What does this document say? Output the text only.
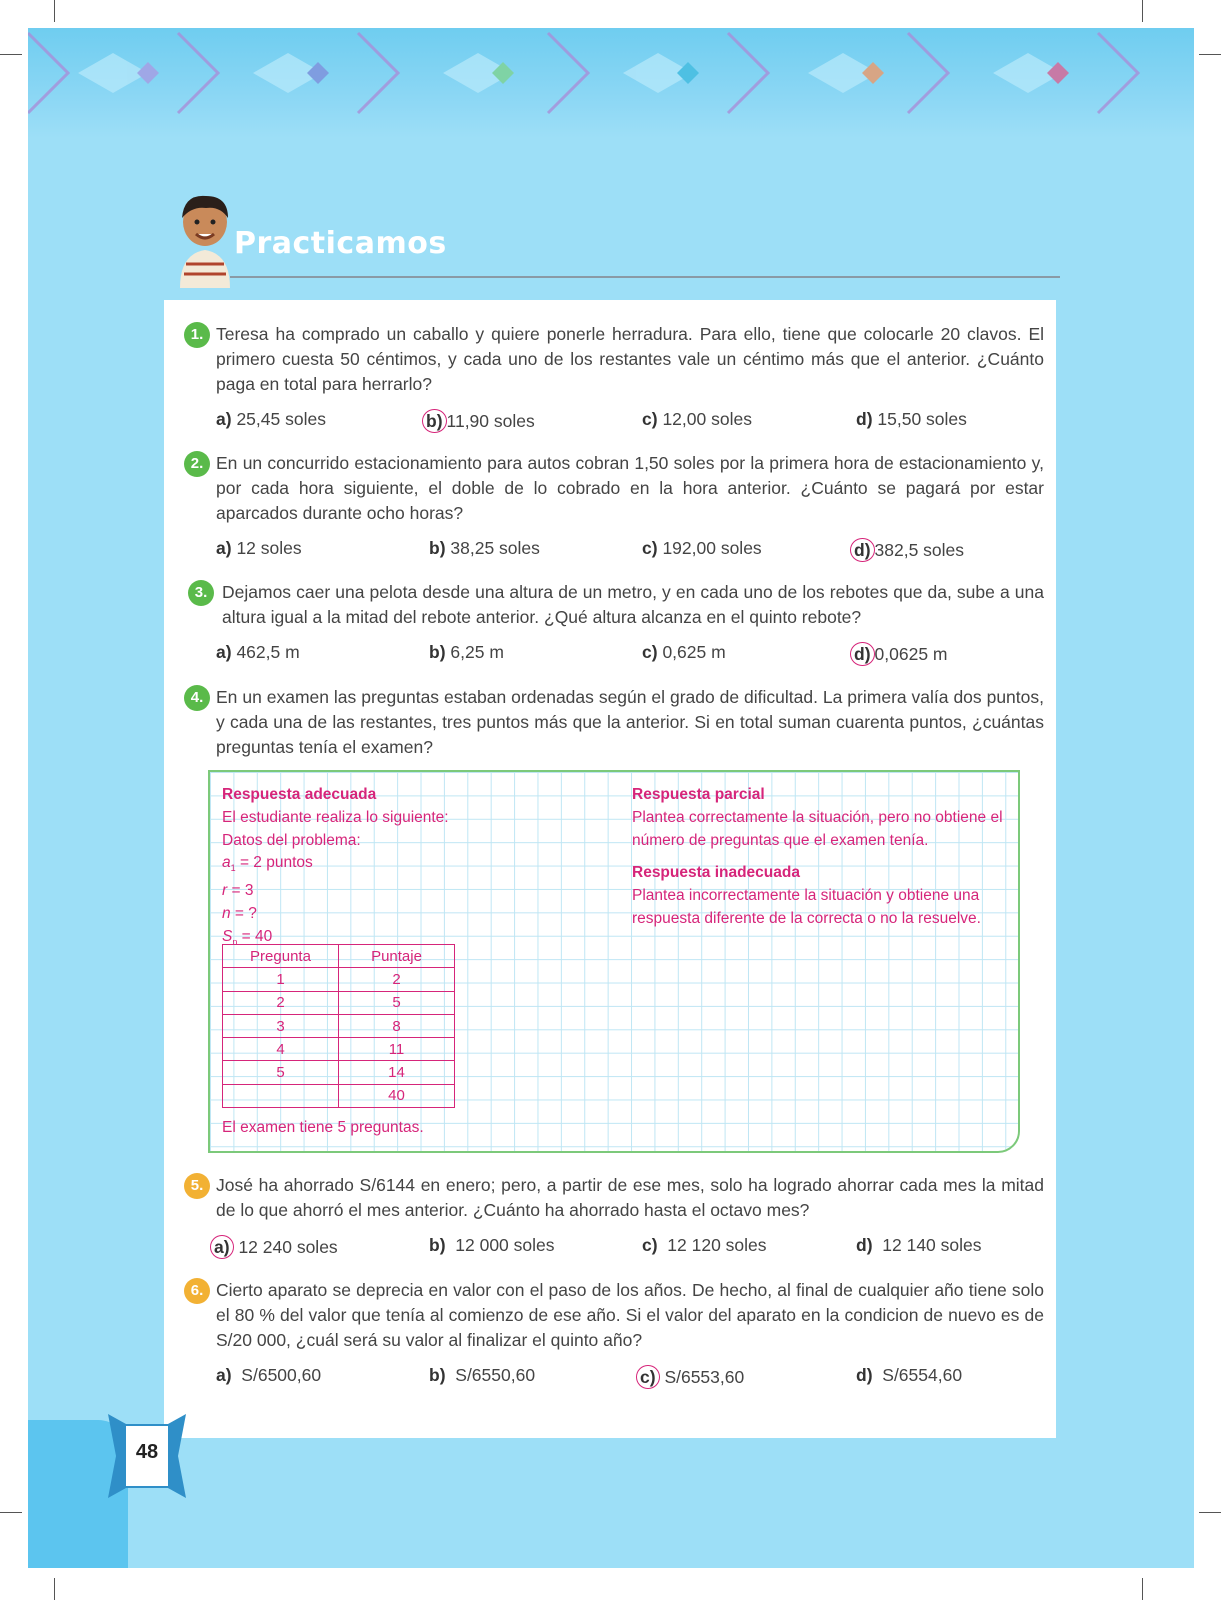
Practicamos
1. Teresa ha comprado un caballo y quiere ponerle herradura. Para ello, tiene que colocarle 20 clavos. El primero cuesta 50 céntimos, y cada uno de los restantes vale un céntimo más que el anterior. ¿Cuánto paga en total para herrarlo?
a) 25,45 soles	b) 11,90 soles	c) 12,00 soles	d) 15,50 soles
2. En un concurrido estacionamiento para autos cobran 1,50 soles por la primera hora de estacionamiento y, por cada hora siguiente, el doble de lo cobrado en la hora anterior. ¿Cuánto se pagará por estar aparcados durante ocho horas?
a) 12 soles	b) 38,25 soles	c) 192,00 soles	d) 382,5 soles
3. Dejamos caer una pelota desde una altura de un metro, y en cada uno de los rebotes que da, sube a una altura igual a la mitad del rebote anterior. ¿Qué altura alcanza en el quinto rebote?
a) 462,5 m	b) 6,25 m	c) 0,625 m	d) 0,0625 m
4. En un examen las preguntas estaban ordenadas según el grado de dificultad. La primera valía dos puntos, y cada una de las restantes, tres puntos más que la anterior. Si en total suman cuarenta puntos, ¿cuántas preguntas tenía el examen?
Respuesta adecuada
El estudiante realiza lo siguiente:
Datos del problema:
$a_1 = 2$ puntos
r = 3
n = ?
$S_n = 40$
Pregunta	Puntaje
1	2
2	5
3	8
4	11
5	14
	40
El examen tiene 5 preguntas.
Respuesta parcial
Plantea correctamente la situación, pero no obtiene el número de preguntas que el examen tenía.
Respuesta inadecuada
Plantea incorrectamente la situación y obtiene una respuesta diferente de la correcta o no la resuelve.
5. José ha ahorrado S/6144 en enero; pero, a partir de ese mes, solo ha logrado ahorrar cada mes la mitad de lo que ahorró el mes anterior. ¿Cuánto ha ahorrado hasta el octavo mes?
a) 12 240 soles	b) 12 000 soles	c) 12 120 soles	d) 12 140 soles
6. Cierto aparato se deprecia en valor con el paso de los años. De hecho, al final de cualquier año tiene solo el 80 % del valor que tenía al comienzo de ese año. Si el valor del aparato en la condicion de nuevo es de S/20 000, ¿cuál será su valor al finalizar el quinto año?
a) S/6500,60	b) S/6550,60	c) S/6553,60	d) S/6554,60
48
